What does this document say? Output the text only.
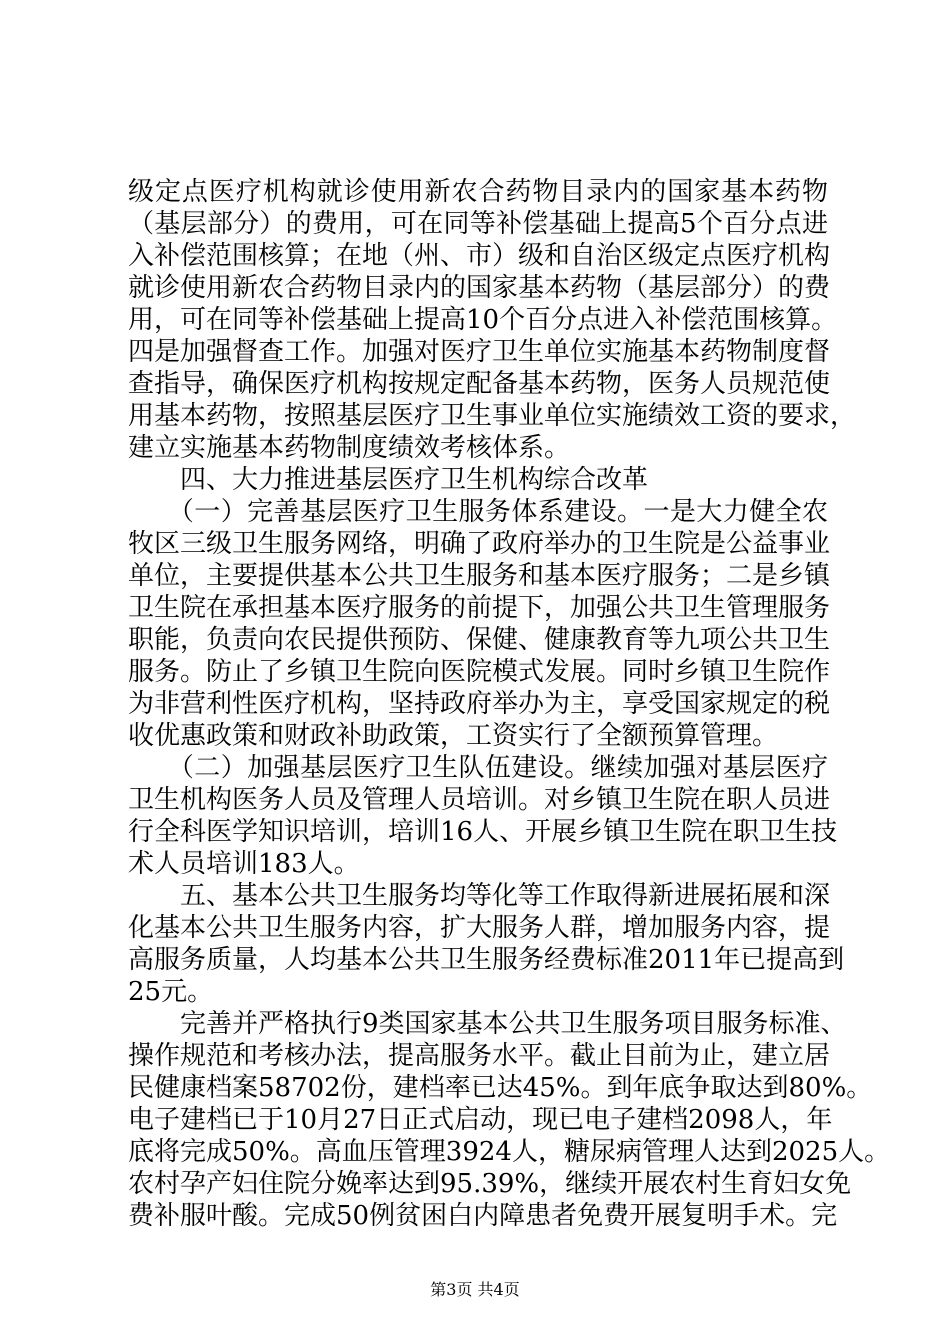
级定点医疗机构就诊使用新农合药物目录内的国家基本药物
（基层部分）的费用，可在同等补偿基础上提高5个百分点进
入补偿范围核算；在地（州、市）级和自治区级定点医疗机构
就诊使用新农合药物目录内的国家基本药物（基层部分）的费
用，可在同等补偿基础上提高10个百分点进入补偿范围核算。
四是加强督查工作。加强对医疗卫生单位实施基本药物制度督
查指导，确保医疗机构按规定配备基本药物，医务人员规范使
用基本药物，按照基层医疗卫生事业单位实施绩效工资的要求，
建立实施基本药物制度绩效考核体系。
　　四、大力推进基层医疗卫生机构综合改革
　　（一）完善基层医疗卫生服务体系建设。一是大力健全农
牧区三级卫生服务网络，明确了政府举办的卫生院是公益事业
单位，主要提供基本公共卫生服务和基本医疗服务；二是乡镇
卫生院在承担基本医疗服务的前提下，加强公共卫生管理服务
职能，负责向农民提供预防、保健、健康教育等九项公共卫生
服务。防止了乡镇卫生院向医院模式发展。同时乡镇卫生院作
为非营利性医疗机构，坚持政府举办为主，享受国家规定的税
收优惠政策和财政补助政策，工资实行了全额预算管理。
　　（二）加强基层医疗卫生队伍建设。继续加强对基层医疗
卫生机构医务人员及管理人员培训。对乡镇卫生院在职人员进
行全科医学知识培训，培训16人、开展乡镇卫生院在职卫生技
术人员培训183人。
　　五、基本公共卫生服务均等化等工作取得新进展拓展和深
化基本公共卫生服务内容，扩大服务人群，增加服务内容，提
高服务质量，人均基本公共卫生服务经费标准2011年已提高到
25元。
　　完善并严格执行9类国家基本公共卫生服务项目服务标准、
操作规范和考核办法，提高服务水平。截止目前为止，建立居
民健康档案58702份，建档率已达45%。到年底争取达到80%。
电子建档已于10月27日正式启动，现已电子建档2098人，年
底将完成50%。高血压管理3924人，糖尿病管理人达到2025人。
农村孕产妇住院分娩率达到95.39%，继续开展农村生育妇女免
费补服叶酸。完成50例贫困白内障患者免费开展复明手术。完
第3页 共4页
